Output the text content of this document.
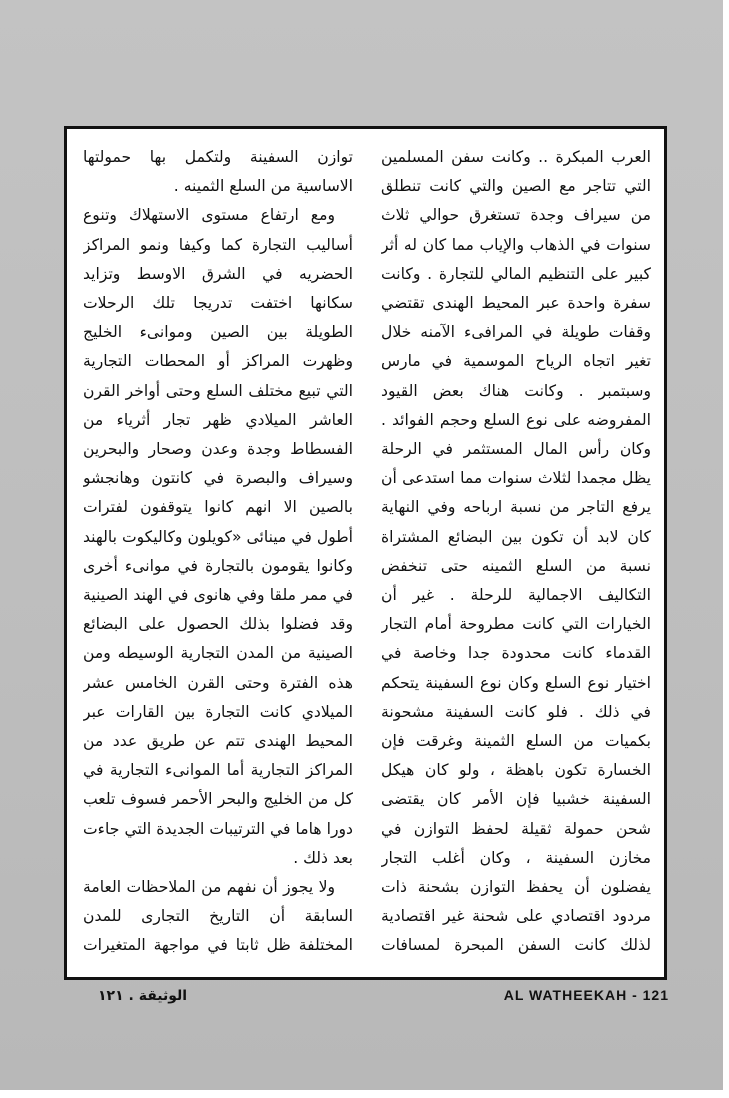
العرب المبكرة .. وكانت سفن المسلمين التي تتاجر مع الصين والتي كانت تنطلق من سيراف وجدة تستغرق حوالي ثلاث سنوات في الذهاب والإياب مما كان له أثر كبير على التنظيم المالي للتجارة . وكانت سفرة واحدة عبر المحيط الهندى تقتضي وقفات طويلة في المرافىء الآمنه خلال تغير اتجاه الرياح الموسمية في مارس وسبتمبر . وكانت هناك بعض القيود المفروضه على نوع السلع وحجم الفوائد . وكان رأس المال المستثمر في الرحلة يظل مجمدا لثلاث سنوات مما استدعى أن يرفع التاجر من نسبة ارباحه وفي النهاية كان لابد أن تكون بين البضائع المشتراة نسبة من السلع الثمينه حتى تنخفض التكاليف الاجمالية للرحلة . غير أن الخيارات التي كانت مطروحة أمام التجار القدماء كانت محدودة جدا وخاصة في اختيار نوع السلع وكان نوع السفينة يتحكم في ذلك . فلو كانت السفينة مشحونة بكميات من السلع الثمينة وغرقت فإن الخسارة تكون باهظة ، ولو كان هيكل السفينة خشبيا فإن الأمر كان يقتضى شحن حمولة ثقيلة لحفظ التوازن في مخازن السفينة ، وكان أغلب التجار يفضلون أن يحفظ التوازن بشحنة ذات مردود اقتصادي على شحنة غير اقتصادية لذلك كانت السفن المبحرة لمسافات

توازن السفينة ولتكمل بها حمولتها الاساسية من السلع الثمينه .

ومع ارتفاع مستوى الاستهلاك وتنوع أساليب التجارة كما وكيفا ونمو المراكز الحضريه في الشرق الاوسط وتزايد سكانها اختفت تدريجا تلك الرحلات الطويلة بين الصين وموانىء الخليج وظهرت المراكز أو المحطات التجارية التي تبيع مختلف السلع وحتى أواخر القرن العاشر الميلادي ظهر تجار أثرياء من الفسطاط وجدة وعدن وصحار والبحرين وسيراف والبصرة في كانتون وهانجشو بالصين الا انهم كانوا يتوقفون لفترات أطول في مينائى «كويلون وكاليكوت بالهند وكانوا يقومون بالتجارة في موانىء أخرى في ممر ملقا وفي هانوى في الهند الصينية وقد فضلوا بذلك الحصول على البضائع الصينية من المدن التجارية الوسيطه ومن هذه الفترة وحتى القرن الخامس عشر الميلادي كانت التجارة بين القارات عبر المحيط الهندى تتم عن طريق عدد من المراكز التجارية أما الموانىء التجارية في كل من الخليج والبحر الأحمر فسوف تلعب دورا هاما في الترتيبات الجديدة التي جاءت بعد ذلك .

ولا يجوز أن نفهم من الملاحظات العامة السابقة أن التاريخ التجارى للمدن المختلفة ظل ثابتا في مواجهة المتغيرات

الوثيقة . ١٢١	AL WATHEEKAH - 121
